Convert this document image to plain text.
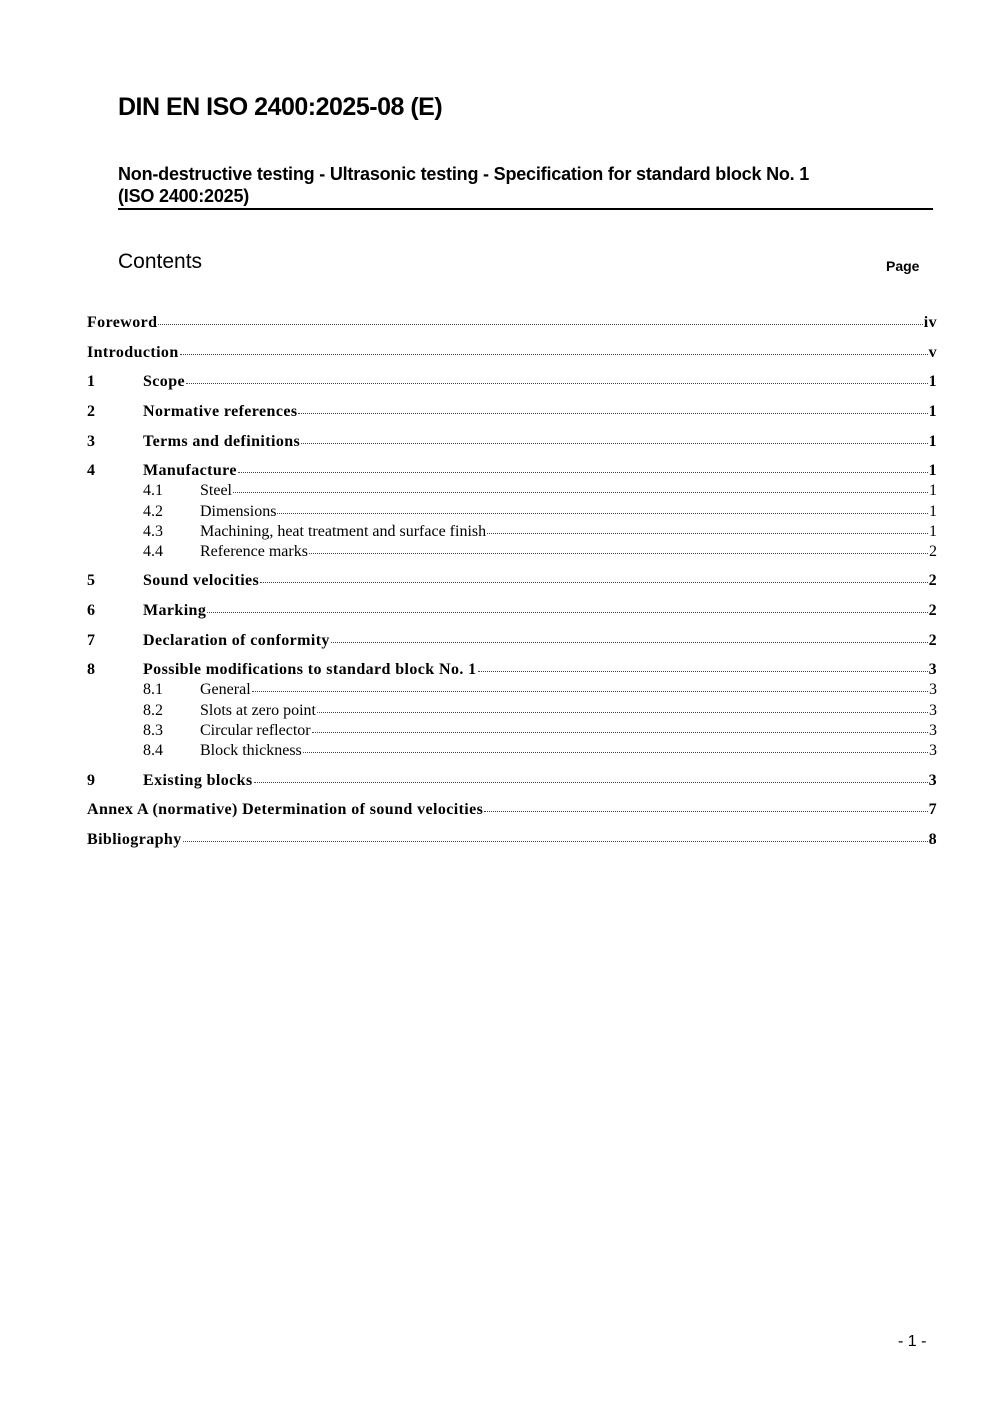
DIN EN ISO 2400:2025-08 (E)
Non-destructive testing - Ultrasonic testing - Specification for standard block No. 1
(ISO 2400:2025)
Contents	Page
Foreword	iv
Introduction	v
1	Scope	1
2	Normative references	1
3	Terms and definitions	1
4	Manufacture	1
4.1	Steel	1
4.2	Dimensions	1
4.3	Machining, heat treatment and surface finish	1
4.4	Reference marks	2
5	Sound velocities	2
6	Marking	2
7	Declaration of conformity	2
8	Possible modifications to standard block No. 1	3
8.1	General	3
8.2	Slots at zero point	3
8.3	Circular reflector	3
8.4	Block thickness	3
9	Existing blocks	3
Annex A (normative) Determination of sound velocities	7
Bibliography	8
- 1 -
